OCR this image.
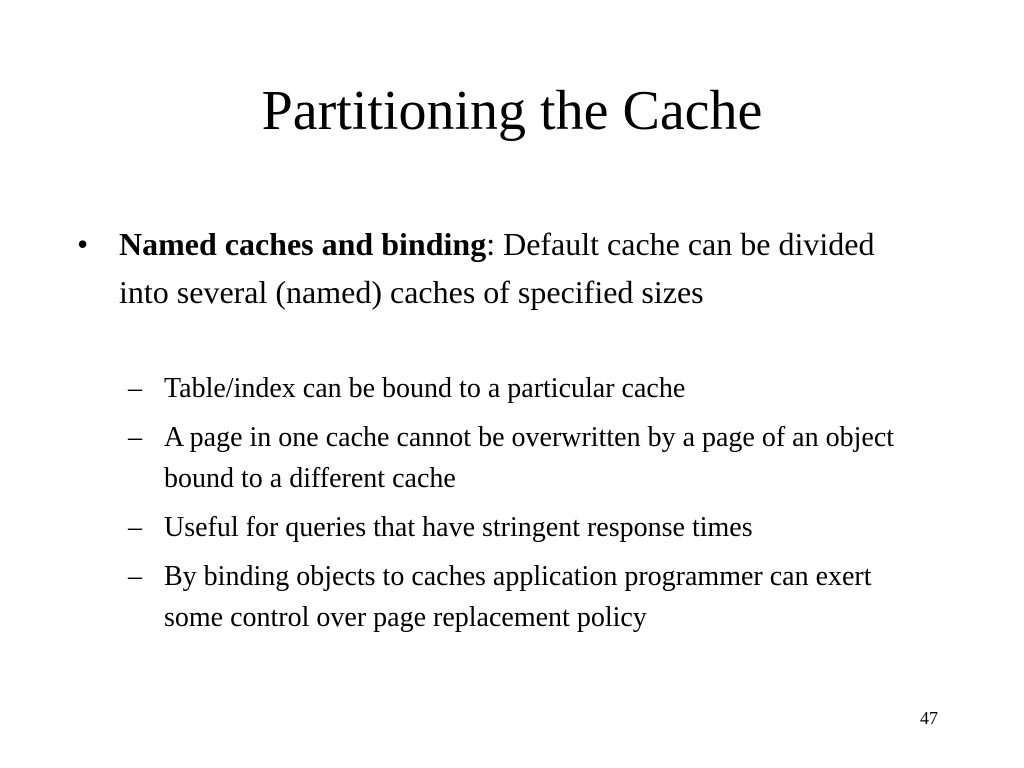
Partitioning the Cache
• Named caches and binding: Default cache can be divided into several (named) caches of specified sizes
– Table/index can be bound to a particular cache
– A page in one cache cannot be overwritten by a page of an object bound to a different cache
– Useful for queries that have stringent response times
– By binding objects to caches application programmer can exert some control over page replacement policy
47
